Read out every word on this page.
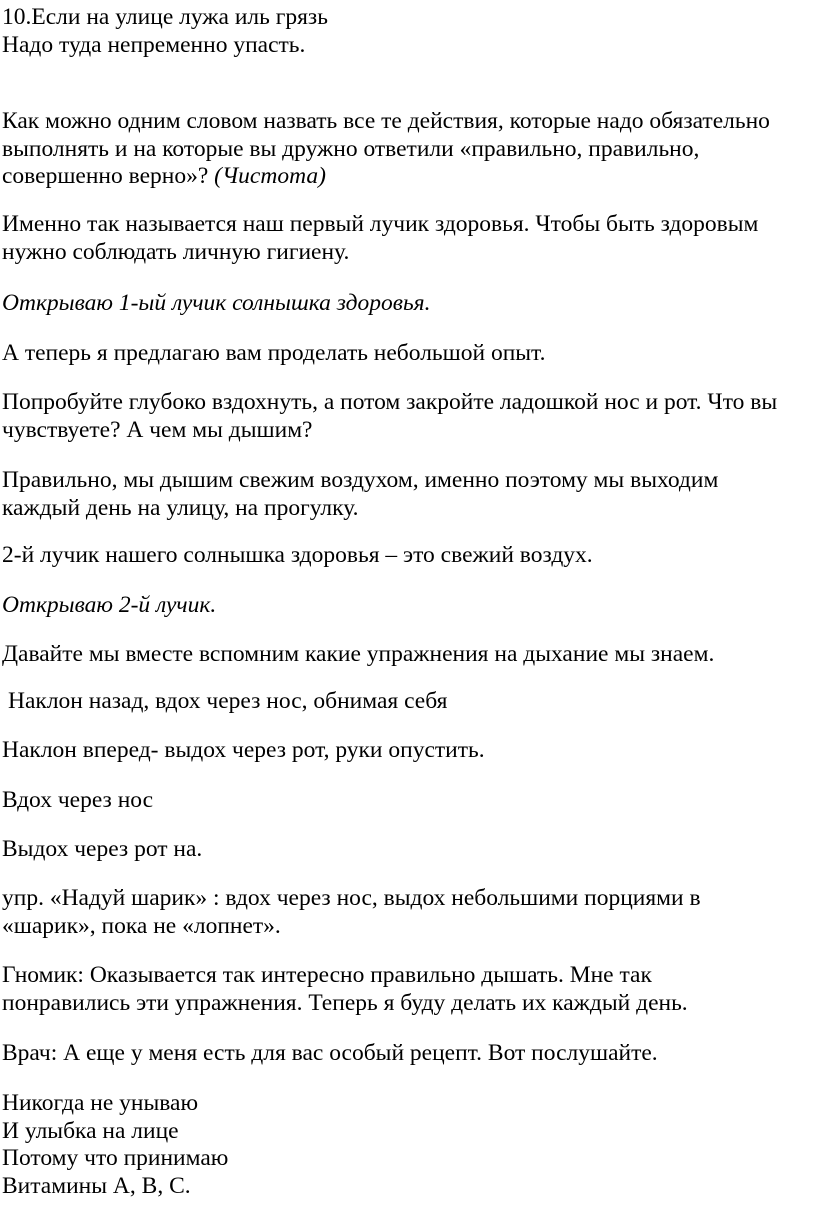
10.Если на улице лужа иль грязь
Надо туда непременно упасть.
Как можно одним словом назвать все те действия, которые надо обязательно
выполнять и на которые вы дружно ответили «правильно, правильно,
совершенно верно»? (Чистота)
Именно так называется наш первый лучик здоровья. Чтобы быть здоровым
нужно соблюдать личную гигиену.
Открываю 1-ый лучик солнышка здоровья.
А теперь я предлагаю вам проделать небольшой опыт.
Попробуйте глубоко вздохнуть, а потом закройте ладошкой нос и рот. Что вы
чувствуете? А чем мы дышим?
Правильно, мы дышим свежим воздухом, именно поэтому мы выходим
каждый день на улицу, на прогулку.
2-й лучик нашего солнышка здоровья – это свежий воздух.
Открываю 2-й лучик.
Давайте мы вместе вспомним какие упражнения на дыхание мы знаем.
Наклон назад, вдох через нос, обнимая себя
Наклон вперед- выдох через рот, руки опустить.
Вдох через нос
Выдох через рот на.
упр. «Надуй шарик» : вдох через нос, выдох небольшими порциями в
«шарик», пока не «лопнет».
Гномик: Оказывается так интересно правильно дышать. Мне так
понравились эти упражнения. Теперь я буду делать их каждый день.
Врач: А еще у меня есть для вас особый рецепт. Вот послушайте.
Никогда не унываю
И улыбка на лице
Потому что принимаю
Витамины А, В, С.
